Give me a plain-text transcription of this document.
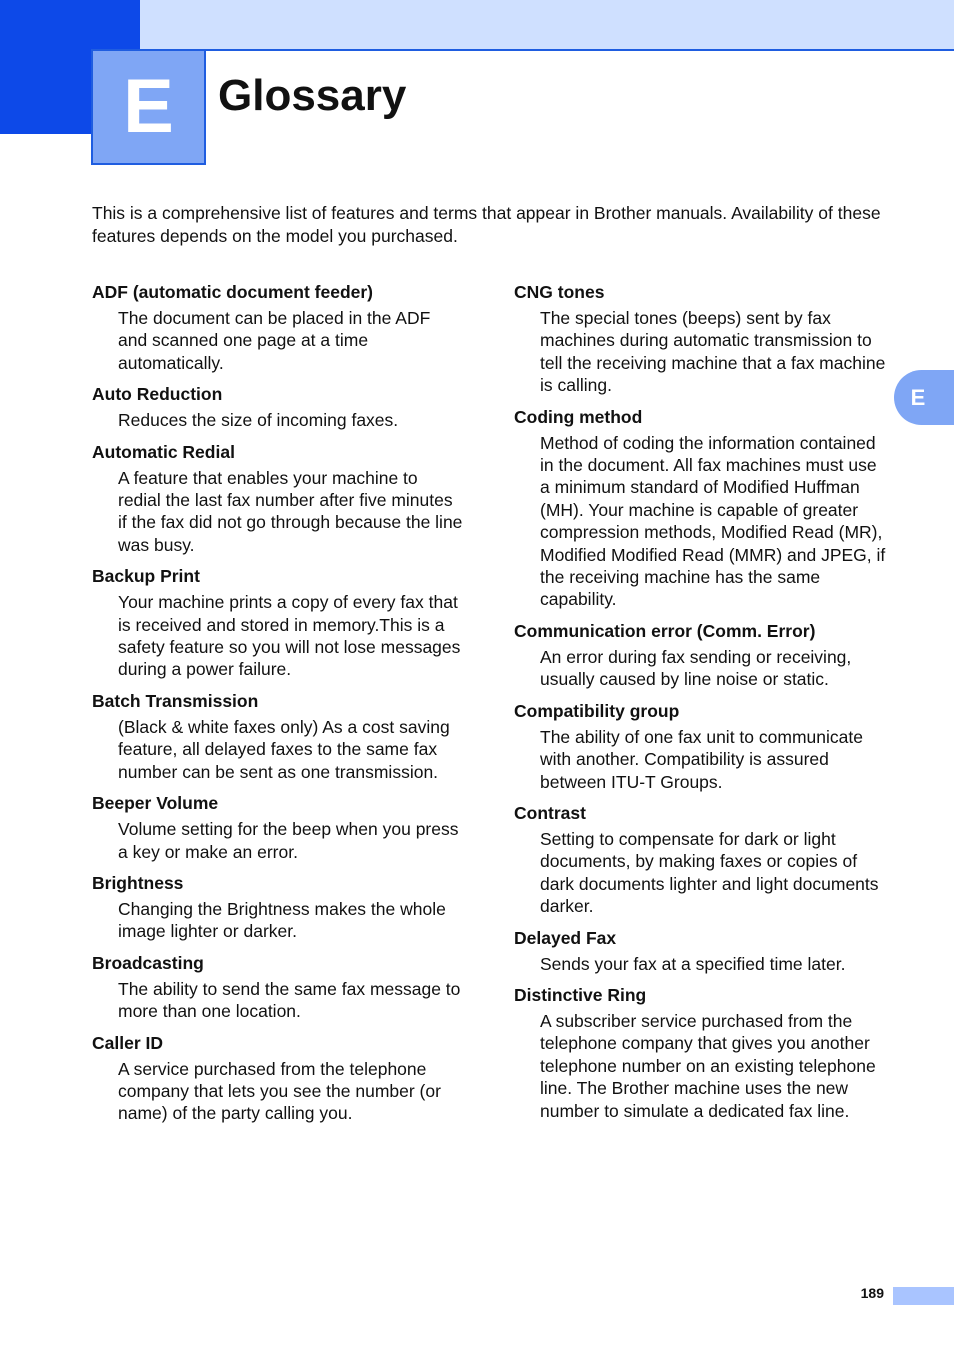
E	Glossary

This is a comprehensive list of features and terms that appear in Brother manuals. Availability of these features depends on the model you purchased.

ADF (automatic document feeder)

The document can be placed in the ADF and scanned one page at a time automatically.

Auto Reduction

Reduces the size of incoming faxes.

Automatic Redial

A feature that enables your machine to redial the last fax number after five minutes if the fax did not go through because the line was busy.

Backup Print

Your machine prints a copy of every fax that is received and stored in memory.This is a safety feature so you will not lose messages during a power failure.

Batch Transmission

(Black & white faxes only) As a cost saving feature, all delayed faxes to the same fax number can be sent as one transmission.

Beeper Volume

Volume setting for the beep when you press a key or make an error.

Brightness

Changing the Brightness makes the whole image lighter or darker.

Broadcasting

The ability to send the same fax message to more than one location.

Caller ID

A service purchased from the telephone company that lets you see the number (or name) of the party calling you.

CNG tones

The special tones (beeps) sent by fax machines during automatic transmission to tell the receiving machine that a fax machine is calling.

Coding method

Method of coding the information contained in the document. All fax machines must use a minimum standard of Modified Huffman (MH). Your machine is capable of greater compression methods, Modified Read (MR), Modified Modified Read (MMR) and JPEG, if the receiving machine has the same capability.

Communication error (Comm. Error)

An error during fax sending or receiving, usually caused by line noise or static.

Compatibility group

The ability of one fax unit to communicate with another. Compatibility is assured between ITU-T Groups.

Contrast

Setting to compensate for dark or light documents, by making faxes or copies of dark documents lighter and light documents darker.

Delayed Fax

Sends your fax at a specified time later.

Distinctive Ring

A subscriber service purchased from the telephone company that gives you another telephone number on an existing telephone line. The Brother machine uses the new number to simulate a dedicated fax line.

E
189
